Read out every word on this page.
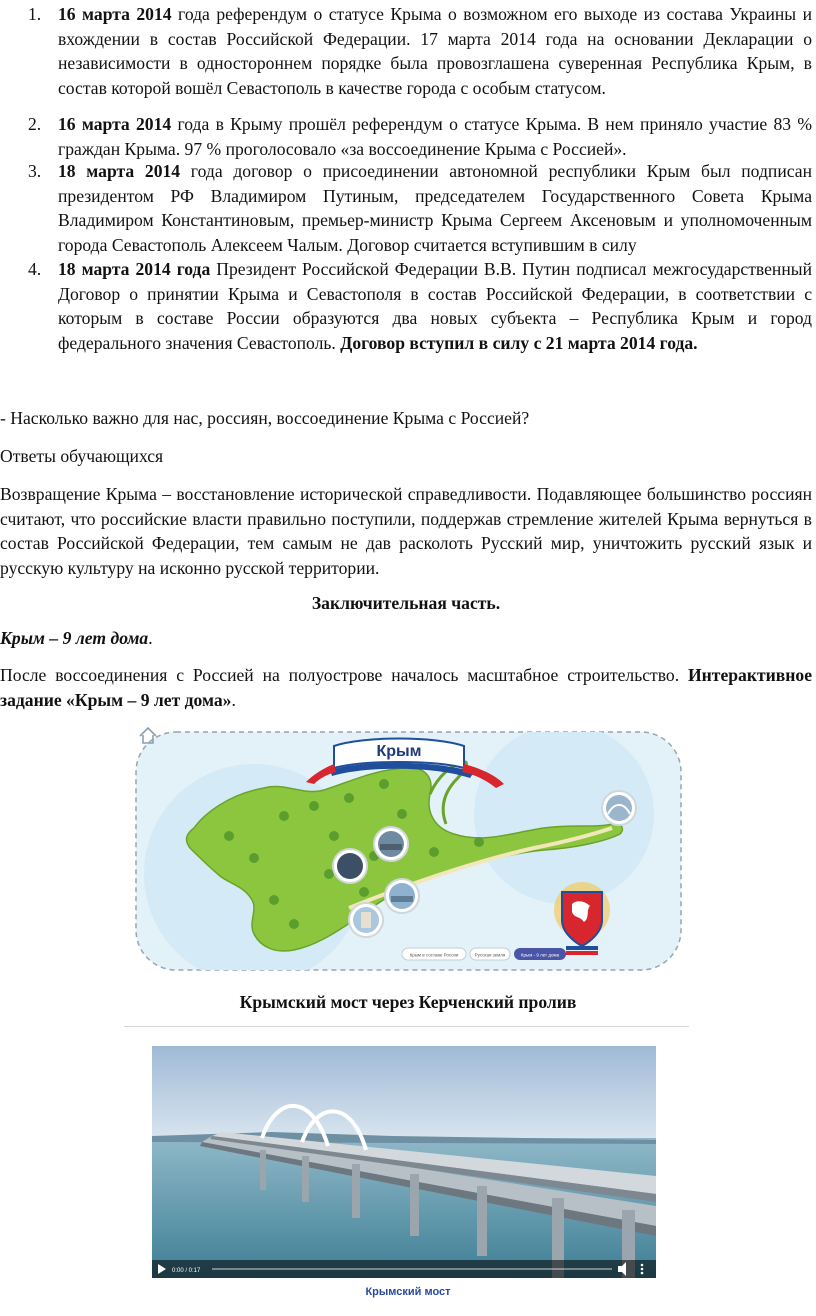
1. 16 марта 2014 года референдум о статусе Крыма о возможном его выходе из состава Украины и вхождении в состав Российской Федерации. 17 марта 2014 года на основании Декларации о независимости в одностороннем порядке была провозглашена суверенная Республика Крым, в состав которой вошёл Севастополь в качестве города с особым статусом.
2. 16 марта 2014 года в Крыму прошёл референдум о статусе Крыма. В нем приняло участие 83 % граждан Крыма. 97 % проголосовало «за воссоединение Крыма с Россией».
3. 18 марта 2014 года договор о присоединении автономной республики Крым был подписан президентом РФ Владимиром Путиным, председателем Государственного Совета Крыма Владимиром Константиновым, премьер-министр Крыма Сергеем Аксеновым и уполномоченным города Севастополь Алексеем Чалым. Договор считается вступившим в силу
4. 18 марта 2014 года Президент Российской Федерации В.В. Путин подписал межгосударственный Договор о принятии Крыма и Севастополя в состав Российской Федерации, в соответствии с которым в составе России образуются два новых субъекта – Республика Крым и город федерального значения Севастополь. Договор вступил в силу с 21 марта 2014 года.

- Насколько важно для нас, россиян, воссоединение Крыма с Россией?

Ответы обучающихся

Возвращение Крыма – восстановление исторической справедливости. Подавляющее большинство россиян считают, что российские власти правильно поступили, поддержав стремление жителей Крыма вернуться в состав Российской Федерации, тем самым не дав расколоть Русский мир, уничтожить русский язык и русскую культуру на исконно русской территории.

Заключительная часть.

Крым – 9 лет дома.

После воссоединения с Россией на полуострове началось масштабное строительство. Интерактивное задание «Крым – 9 лет дома».

Крым
Крым в составе России	Русская земля	Крым - 9 лет дома
Крымский мост через Керченский пролив
0:00 / 0:17
Крымский мост
